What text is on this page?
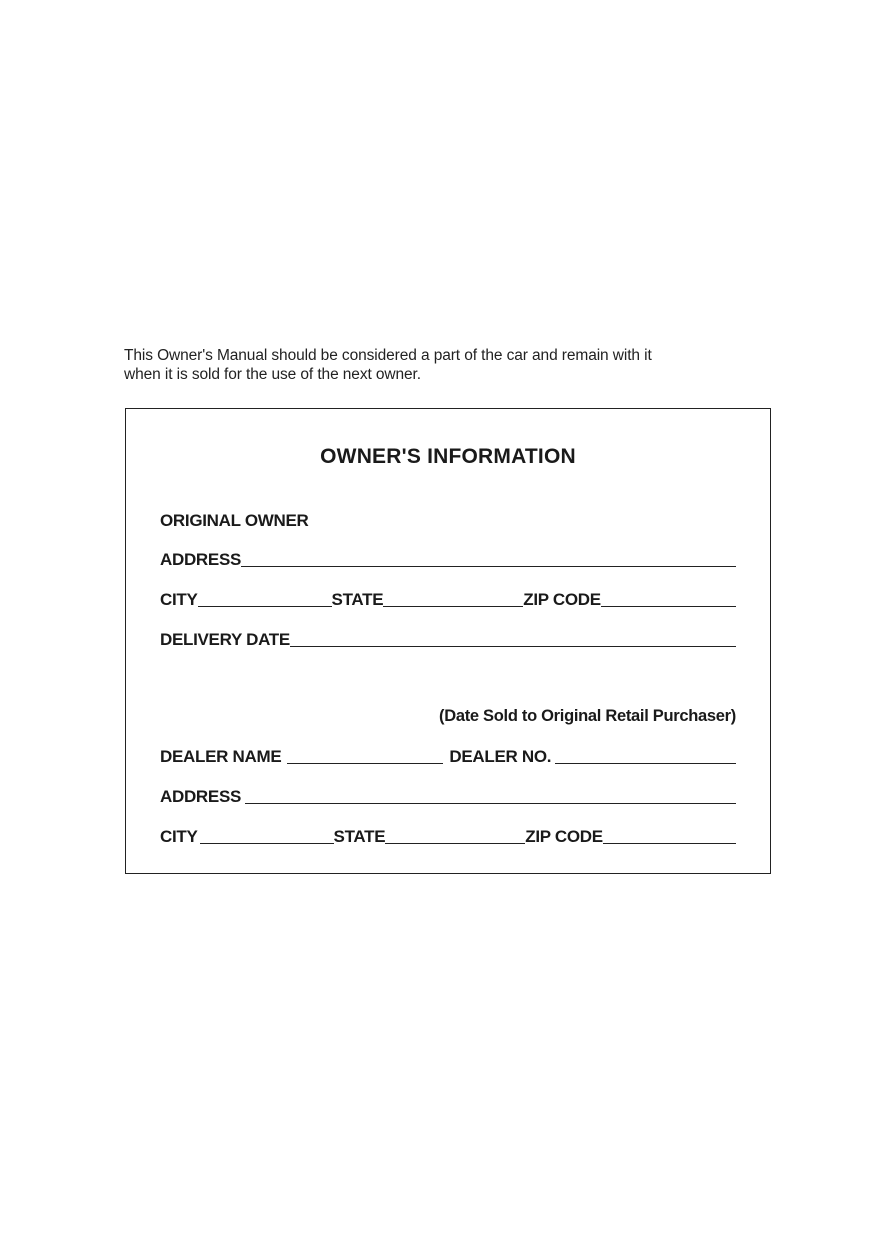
This Owner's Manual should be considered a part of the car and remain with it
when it is sold for the use of the next owner.
OWNER'S INFORMATION
ORIGINAL OWNER
ADDRESS
CITY	STATE	ZIP CODE
DELIVERY DATE
(Date Sold to Original Retail Purchaser)
DEALER NAME	DEALER NO.
ADDRESS
CITY	STATE	ZIP CODE
